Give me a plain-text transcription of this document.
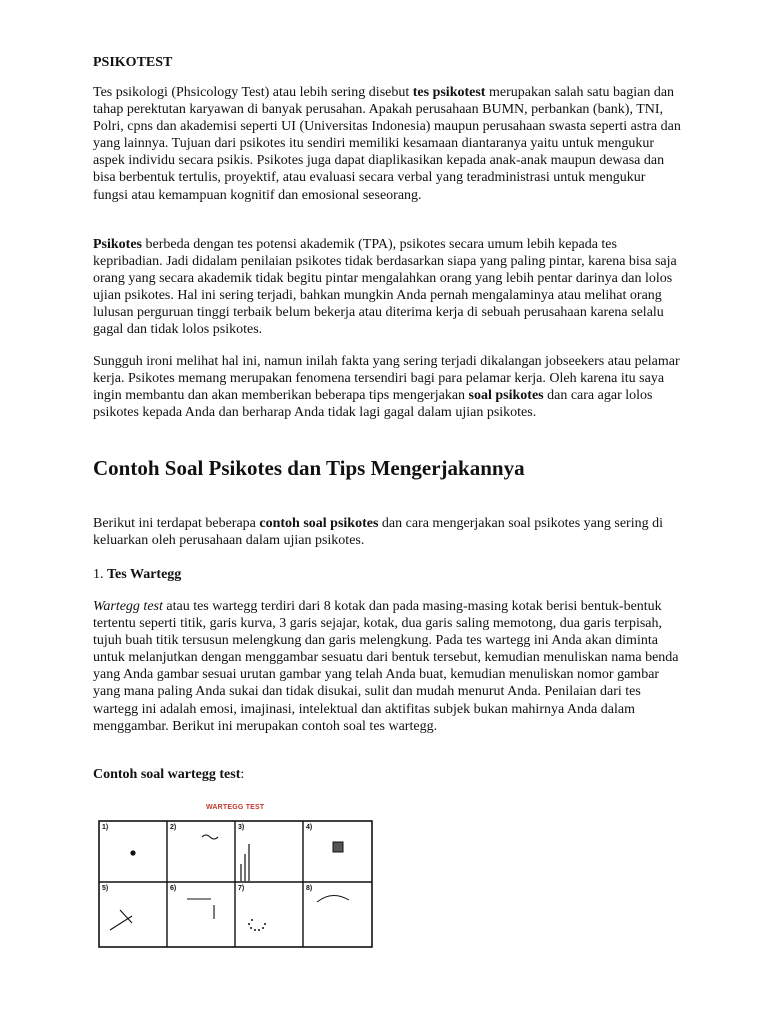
PSIKOTEST

Tes psikologi (Phsicology Test) atau lebih sering disebut tes psikotest merupakan salah satu bagian dan tahap perektutan karyawan di banyak perusahan. Apakah perusahaan BUMN, perbankan (bank), TNI, Polri, cpns dan akademisi seperti UI (Universitas Indonesia) maupun perusahaan swasta seperti astra dan yang lainnya. Tujuan dari psikotes itu sendiri memiliki kesamaan diantaranya yaitu untuk mengukur aspek individu secara psikis. Psikotes juga dapat diaplikasikan kepada anak-anak maupun dewasa dan bisa berbentuk tertulis, proyektif, atau evaluasi secara verbal yang teradministrasi untuk mengukur fungsi atau kemampuan kognitif dan emosional seseorang.

Psikotes berbeda dengan tes potensi akademik (TPA), psikotes secara umum lebih kepada tes kepribadian. Jadi didalam penilaian psikotes tidak berdasarkan siapa yang paling pintar, karena bisa saja orang yang secara akademik tidak begitu pintar mengalahkan orang yang lebih pentar darinya dan lolos ujian psikotes. Hal ini sering terjadi, bahkan mungkin Anda pernah mengalaminya atau melihat orang lulusan perguruan tinggi terbaik belum bekerja atau diterima kerja di sebuah perusahaan karena selalu gagal dan tidak lolos psikotes.

Sungguh ironi melihat hal ini, namun inilah fakta yang sering terjadi dikalangan jobseekers atau pelamar kerja. Psikotes memang merupakan fenomena tersendiri bagi para pelamar kerja. Oleh karena itu saya ingin membantu dan akan memberikan beberapa tips mengerjakan soal psikotes dan cara agar lolos psikotes kepada Anda dan berharap Anda tidak lagi gagal dalam ujian psikotes.

Contoh Soal Psikotes dan Tips Mengerjakannya

Berikut ini terdapat beberapa contoh soal psikotes dan cara mengerjakan soal psikotes yang sering di keluarkan oleh perusahaan dalam ujian psikotes.

1. Tes Wartegg

Wartegg test atau tes wartegg terdiri dari 8 kotak dan pada masing-masing kotak berisi bentuk-bentuk tertentu seperti titik, garis kurva, 3 garis sejajar, kotak, dua garis saling memotong, dua garis terpisah, tujuh buah titik tersusun melengkung dan garis melengkung. Pada tes wartegg ini Anda akan diminta untuk melanjutkan dengan menggambar sesuatu dari bentuk tersebut, kemudian menuliskan nama benda yang Anda gambar sesuai urutan gambar yang telah Anda buat, kemudian menuliskan nomor gambar yang mana paling Anda sukai dan tidak disukai, sulit dan mudah menurut Anda. Penilaian dari tes wartegg ini adalah emosi, imajinasi, intelektual dan aktifitas subjek bukan mahirnya Anda dalam menggambar. Berikut ini merupakan contoh soal tes wartegg.

Contoh soal wartegg test:

WARTEGG TEST
1)	2)	3)	4)
5)	6)	7)	8)
